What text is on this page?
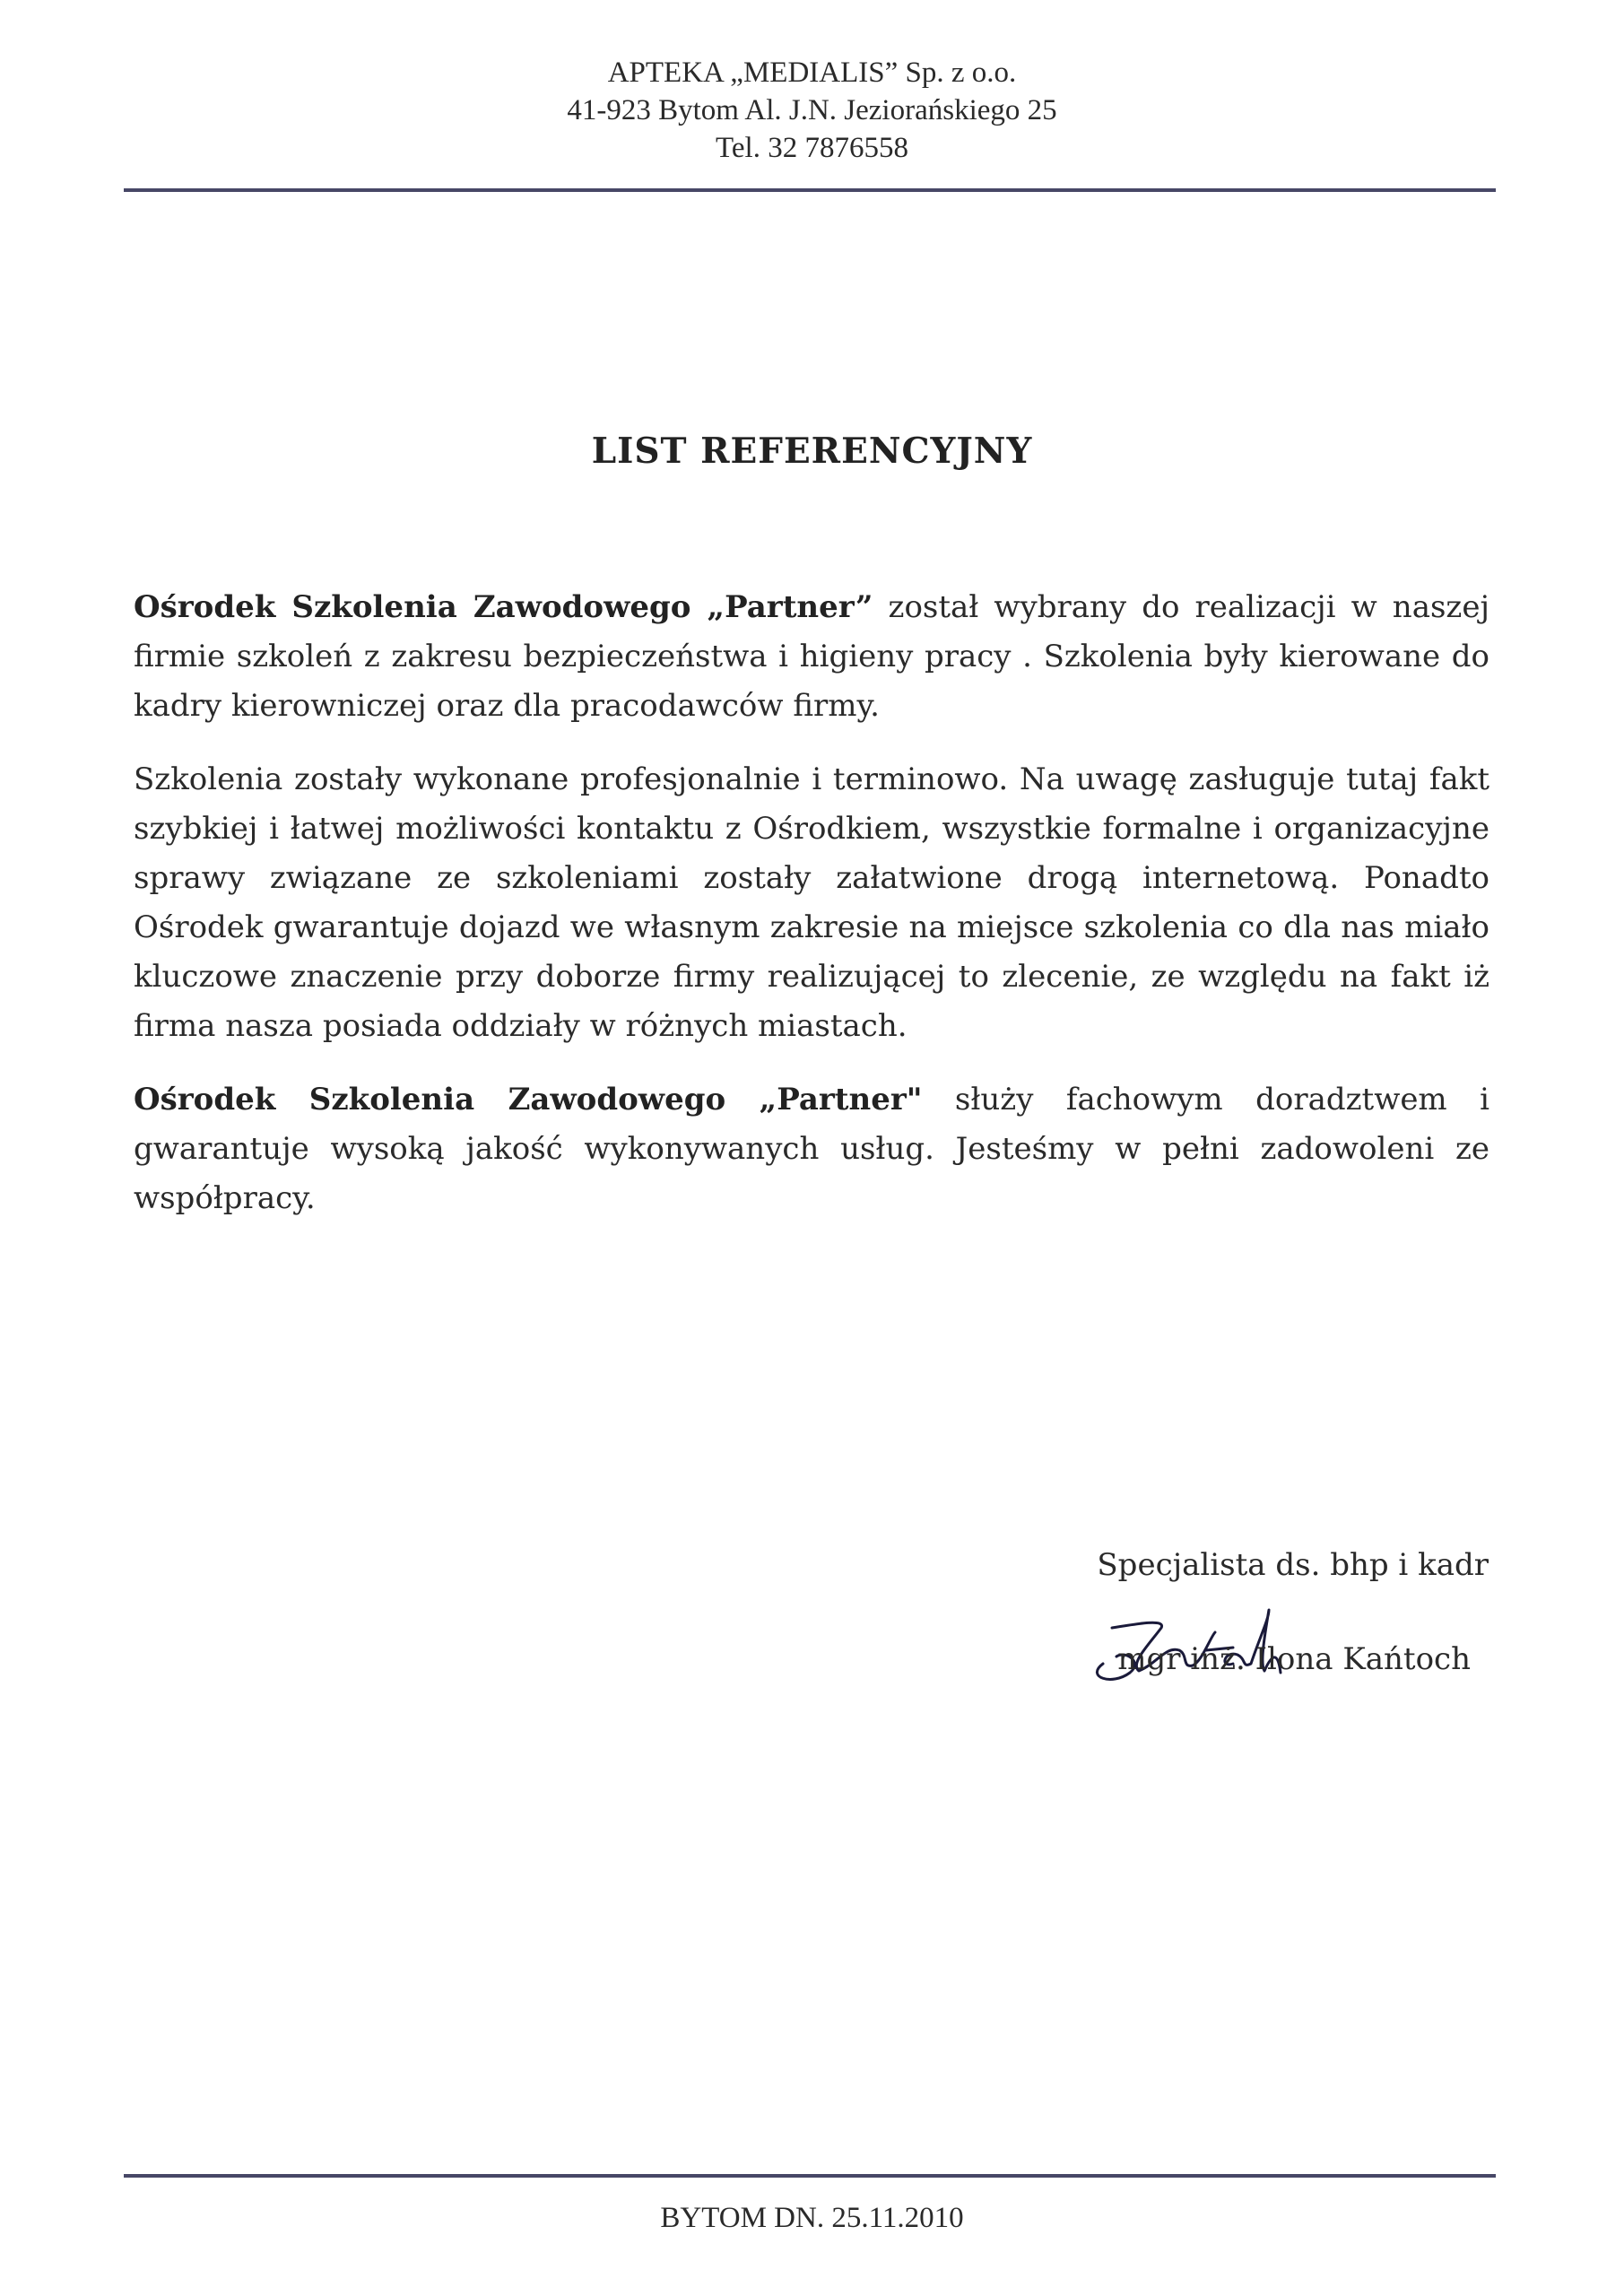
APTEKA „MEDIALIS” Sp. z o.o.
41-923 Bytom Al. J.N. Jeziorańskiego 25
Tel. 32 7876558
LIST REFERENCYJNY

Ośrodek Szkolenia Zawodowego „Partner” został wybrany do realizacji w naszej firmie szkoleń z zakresu bezpieczeństwa i higieny pracy . Szkolenia były kierowane do kadry kierowniczej oraz dla pracodawców firmy.

Szkolenia zostały wykonane profesjonalnie i terminowo. Na uwagę zasługuje tutaj fakt szybkiej i łatwej możliwości kontaktu z Ośrodkiem, wszystkie formalne i organizacyjne sprawy związane ze szkoleniami zostały załatwione drogą internetową. Ponadto Ośrodek gwarantuje dojazd we własnym zakresie na miejsce szkolenia co dla nas miało kluczowe znaczenie przy doborze firmy realizującej to zlecenie, ze względu na fakt iż firma nasza posiada oddziały w różnych miastach.

Ośrodek Szkolenia Zawodowego „Partner" służy fachowym doradztwem i gwarantuje wysoką jakość wykonywanych usług. Jesteśmy w pełni zadowoleni ze współpracy.

Specjalista ds. bhp i kadr
mgr inż. Ilona Kańtoch
BYTOM DN. 25.11.2010
